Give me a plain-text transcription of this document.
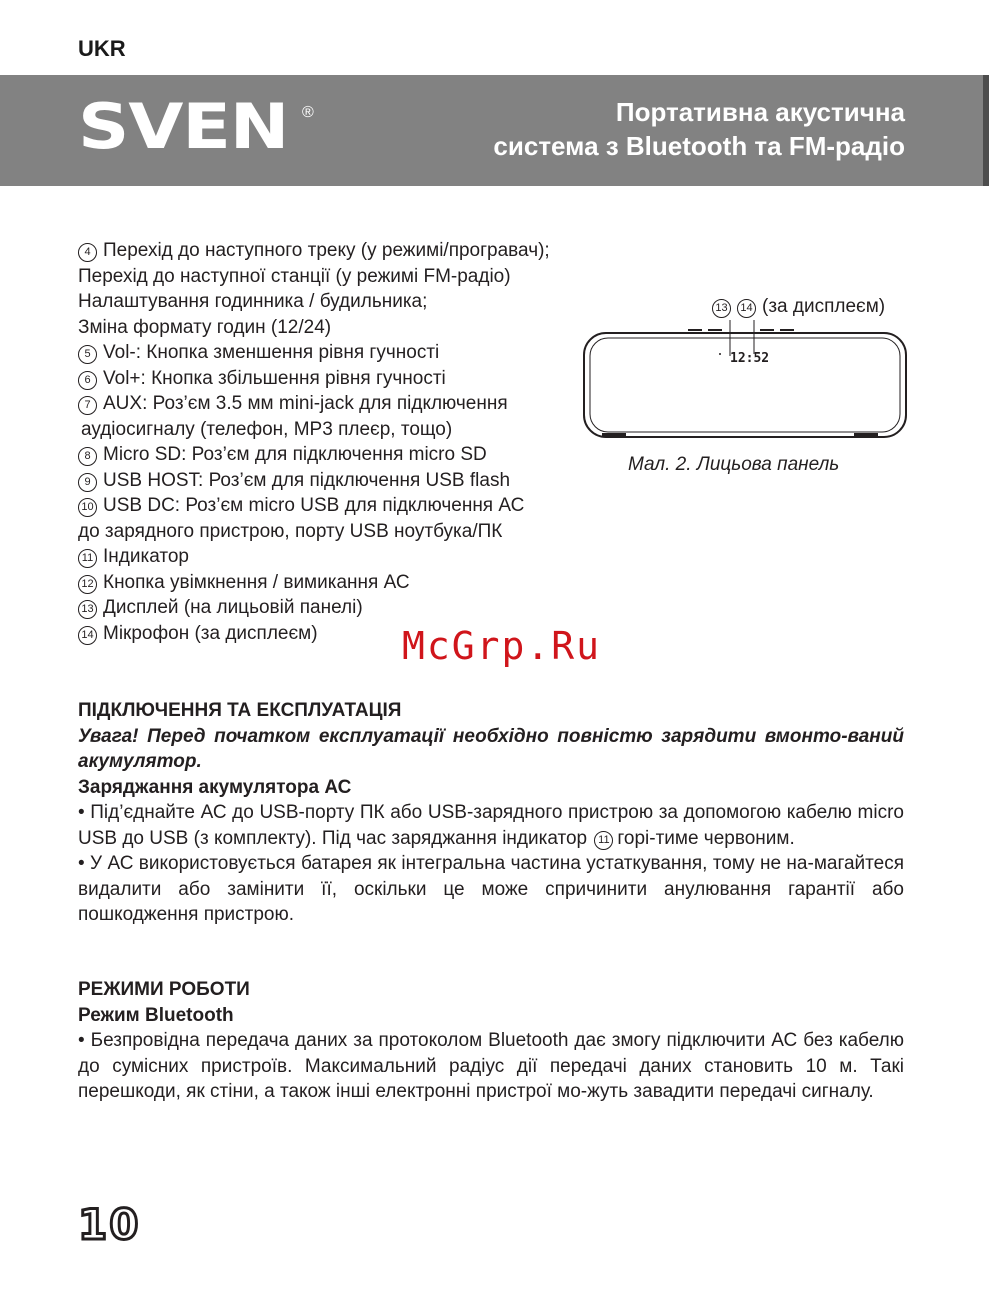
UKR
SVEN ®	Портативна акустична
система з Bluetooth та FM-радіо
4 Перехід до наступного треку (у режимі/програвач);
Перехід до наступної станції (у режимі FM-радіо)
Налаштування годинника / будильника;
Зміна формату годин (12/24)
5 Vol-: Кнопка зменшення рівня гучності
6 Vol+: Кнопка збільшення рівня гучності
7 AUX: Роз’єм 3.5 мм mini-jack для підключення
аудіосигналу (телефон, MP3 плеєр, тощо)
8 Micro SD: Роз’єм для підключення micro SD
9 USB HOST: Роз’єм для підключення USB flash
10 USB DC: Роз’єм micro USB для підключення АС
до зарядного пристрою, порту USB ноутбука/ПК
11 Індикатор
12 Кнопка увімкнення / вимикання АС
13 Дисплей (на лицьовій панелі)
14 Мікрофон (за дисплеєм)
13 14 (за дисплеєм)
12:52
Мал. 2. Лицьова панель
McGrp.Ru
ПІДКЛЮЧЕННЯ ТА ЕКСПЛУАТАЦІЯ
Увага! Перед початком експлуатації необхідно повністю зарядити вмонто-ваний акумулятор.
Заряджання акумулятора АС

• Під’єднайте АС до USB-порту ПК або USB-зарядного пристрою за допомогою кабелю micro USB до USB (з комплекту). Під час заряджання індикатор 11 горі-тиме червоним.

• У АС використовується батарея як інтегральна частина устаткування, тому не на-магайтеся видалити або замінити її, оскільки це може спричинити анулювання гарантії або пошкодження пристрою.

РЕЖИМИ РОБОТИ
Режим Bluetooth

• Безпровідна передача даних за протоколом Bluetooth дає змогу підключити АС без кабелю до сумісних пристроїв. Максимальний радіус дії передачі даних становить 10 м. Такі перешкоди, як стіни, а також інші електронні пристрої мо-жуть завадити передачі сигналу.

10
